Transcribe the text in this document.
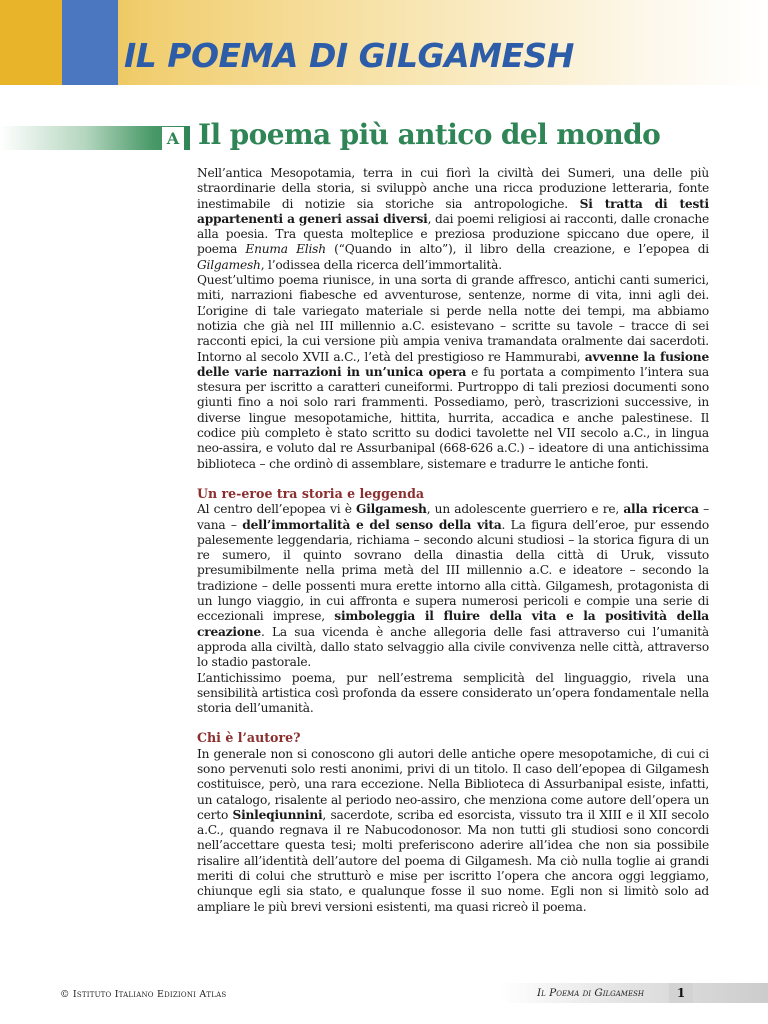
IL POEMA DI GILGAMESH
A Il poema più antico del mondo

Nell’antica Mesopotamia, terra in cui fiorì la civiltà dei Sumeri, una delle più straordinarie della storia, si sviluppò anche una ricca produzione letteraria, fonte inestimabile di notizie sia storiche sia antropologiche. Si tratta di testi appartenenti a generi assai diversi, dai poemi religiosi ai racconti, dalle cronache alla poesia. Tra questa molteplice e preziosa produzione spiccano due opere, il poema Enuma Elish (“Quando in alto”), il libro della creazione, e l’epopea di Gilgamesh, l’odissea della ricerca dell’immortalità.

Quest’ultimo poema riunisce, in una sorta di grande affresco, antichi canti sumerici, miti, narrazioni fiabesche ed avventurose, sentenze, norme di vita, inni agli dei. L’origine di tale variegato materiale si perde nella notte dei tempi, ma abbiamo notizia che già nel III millennio a.C. esistevano – scritte su tavole – tracce di sei racconti epici, la cui versione più ampia veniva tramandata oralmente dai sacerdoti. Intorno al secolo XVII a.C., l’età del prestigioso re Hammurabi, avvenne la fusione delle varie narrazioni in un’unica opera e fu portata a compimento l’intera sua stesura per iscritto a caratteri cuneiformi. Purtroppo di tali preziosi documenti sono giunti fino a noi solo rari frammenti. Possediamo, però, trascrizioni successive, in diverse lingue mesopotamiche, hittita, hurrita, accadica e anche palestinese. Il codice più completo è stato scritto su dodici tavolette nel VII secolo a.C., in lingua neo-assira, e voluto dal re Assurbanipal (668-626 a.C.) – ideatore di una antichissima biblioteca – che ordinò di assemblare, sistemare e tradurre le antiche fonti.

Un re-eroe tra storia e leggenda

Al centro dell’epopea vi è Gilgamesh, un adolescente guerriero e re, alla ricerca – vana – dell’immortalità e del senso della vita. La figura dell’eroe, pur essendo palesemente leggendaria, richiama – secondo alcuni studiosi – la storica figura di un re sumero, il quinto sovrano della dinastia della città di Uruk, vissuto presumibilmente nella prima metà del III millennio a.C. e ideatore – secondo la tradizione – delle possenti mura erette intorno alla città. Gilgamesh, protagonista di un lungo viaggio, in cui affronta e supera numerosi pericoli e compie una serie di eccezionali imprese, simboleggia il fluire della vita e la positività della creazione. La sua vicenda è anche allegoria delle fasi attraverso cui l’umanità approda alla civiltà, dallo stato selvaggio alla civile convivenza nelle città, attraverso lo stadio pastorale.

L’antichissimo poema, pur nell’estrema semplicità del linguaggio, rivela una sensibilità artistica così profonda da essere considerato un’opera fondamentale nella storia dell’umanità.

Chi è l’autore?

In generale non si conoscono gli autori delle antiche opere mesopotamiche, di cui ci sono pervenuti solo resti anonimi, privi di un titolo. Il caso dell’epopea di Gilgamesh costituisce, però, una rara eccezione. Nella Biblioteca di Assurbanipal esiste, infatti, un catalogo, risalente al periodo neo-assiro, che menziona come autore dell’opera un certo Sinleqiunnini, sacerdote, scriba ed esorcista, vissuto tra il XIII e il XII secolo a.C., quando regnava il re Nabucodonosor. Ma non tutti gli studiosi sono concordi nell’accettare questa tesi; molti preferiscono aderire all’idea che non sia possibile risalire all’identità dell’autore del poema di Gilgamesh. Ma ciò nulla toglie ai grandi meriti di colui che strutturò e mise per iscritto l’opera che ancora oggi leggiamo, chiunque egli sia stato, e qualunque fosse il suo nome. Egli non si limitò solo ad ampliare le più brevi versioni esistenti, ma quasi ricreò il poema.

© Istituto Italiano Edizioni Atlas	Il Poema di Gilgamesh	1
